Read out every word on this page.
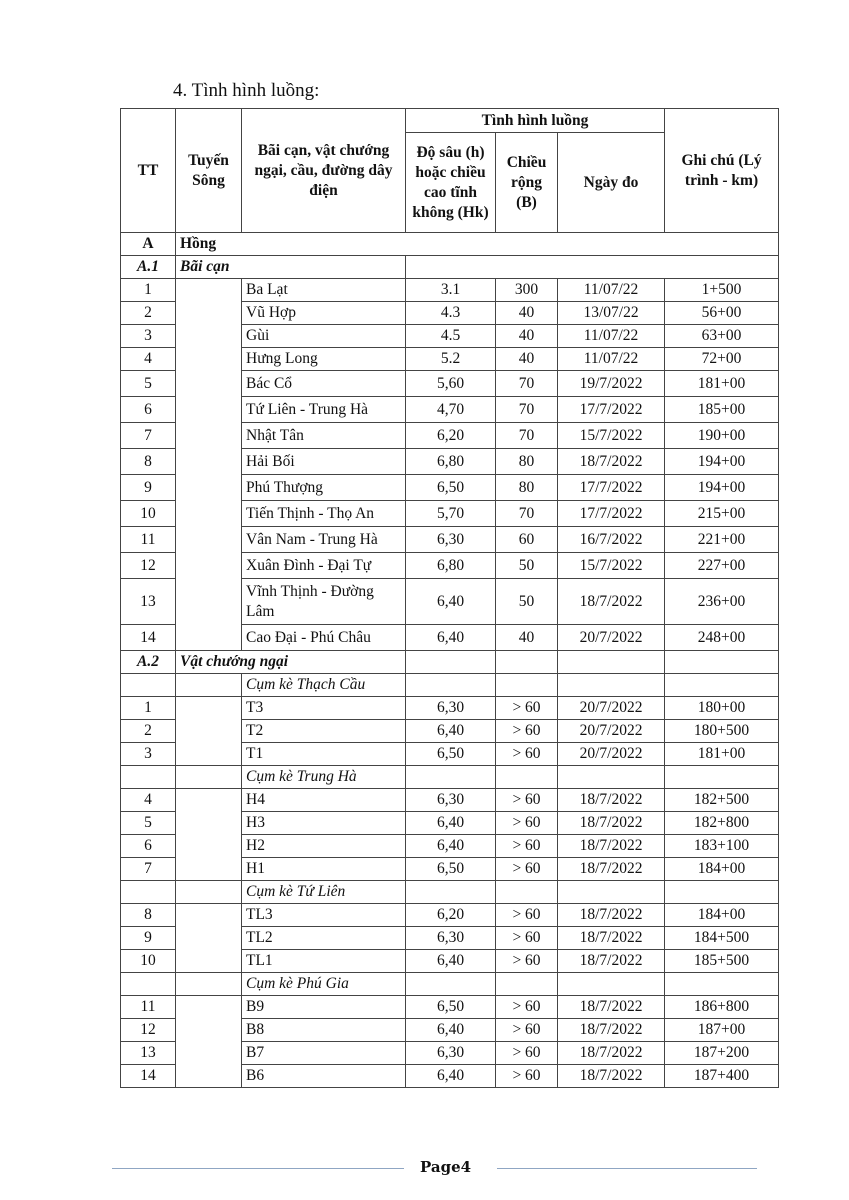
4. Tình hình luồng:
TT	Tuyến Sông	Bãi cạn, vật chướng ngại, cầu, đường dây điện	Tình hình luồng			Ghi chú (Lý trình - km)
			Độ sâu (h) hoặc chiều cao tĩnh không (Hk)	Chiều rộng (B)	Ngày đo	
A	Hồng					
A.1	Bãi cạn					
1		Ba Lạt	3.1	300	11/07/22	1+500
2		Vũ Hợp	4.3	40	13/07/22	56+00
3		Gùi	4.5	40	11/07/22	63+00
4		Hưng Long	5.2	40	11/07/22	72+00
5		Bác Cổ	5,60	70	19/7/2022	181+00
6		Tứ Liên - Trung Hà	4,70	70	17/7/2022	185+00
7		Nhật Tân	6,20	70	15/7/2022	190+00
8		Hải Bối	6,80	80	18/7/2022	194+00
9		Phú Thượng	6,50	80	17/7/2022	194+00
10		Tiến Thịnh - Thọ An	5,70	70	17/7/2022	215+00
11		Vân Nam - Trung Hà	6,30	60	16/7/2022	221+00
12		Xuân Đình - Đại Tự	6,80	50	15/7/2022	227+00
13		Vĩnh Thịnh - Đường Lâm	6,40	50	18/7/2022	236+00
14		Cao Đại - Phú Châu	6,40	40	20/7/2022	248+00
A.2	Vật chướng ngại					
		Cụm kè Thạch Cầu				
1		T3	6,30	> 60	20/7/2022	180+00
2		T2	6,40	> 60	20/7/2022	180+500
3		T1	6,50	> 60	20/7/2022	181+00
		Cụm kè Trung Hà				
4		H4	6,30	> 60	18/7/2022	182+500
5		H3	6,40	> 60	18/7/2022	182+800
6		H2	6,40	> 60	18/7/2022	183+100
7		H1	6,50	> 60	18/7/2022	184+00
		Cụm kè Tứ Liên				
8		TL3	6,20	> 60	18/7/2022	184+00
9		TL2	6,30	> 60	18/7/2022	184+500
10		TL1	6,40	> 60	18/7/2022	185+500
		Cụm kè Phú Gia				
11		B9	6,50	> 60	18/7/2022	186+800
12		B8	6,40	> 60	18/7/2022	187+00
13		B7	6,30	> 60	18/7/2022	187+200
14		B6	6,40	> 60	18/7/2022	187+400
Page4
